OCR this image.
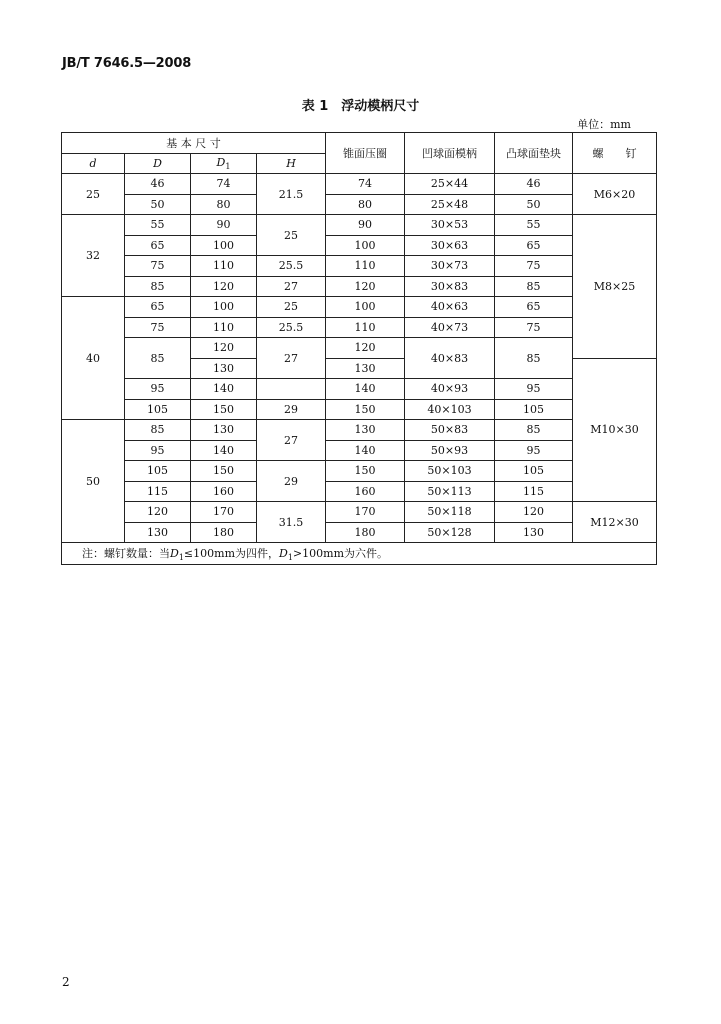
JB/T 7646.5—2008
表 1　浮动模柄尺寸
单位：mm
基 本 尺 寸				锥面压圈	凹球面模柄	凸球面垫块	螺　　钉
d	D	$D_1$	H				
25	46	74	21.5	74	25×44	46	M6×20
	50	80		80	25×48	50	
32	55	90	25	90	30×53	55	M8×25
	65	100		100	30×63	65	
	75	110	25.5	110	30×73	75	
	85	120	27	120	30×83	85	
40	65	100	25	100	40×63	65	
	75	110	25.5	110	40×73	75	
	85	120	27	120	40×83	85	
		130		130			M10×30
	95	140		140	40×93	95	
	105	150	29	150	40×103	105	
50	85	130	27	130	50×83	85	
	95	140		140	50×93	95	
	105	150	29	150	50×103	105	
	115	160		160	50×113	115	
	120	170	31.5	170	50×118	120	M12×30
	130	180		180	50×128	130	
注：螺钉数量：当$D_1\le 100mm$为四件，$D_1>100mm$为六件。							
2
